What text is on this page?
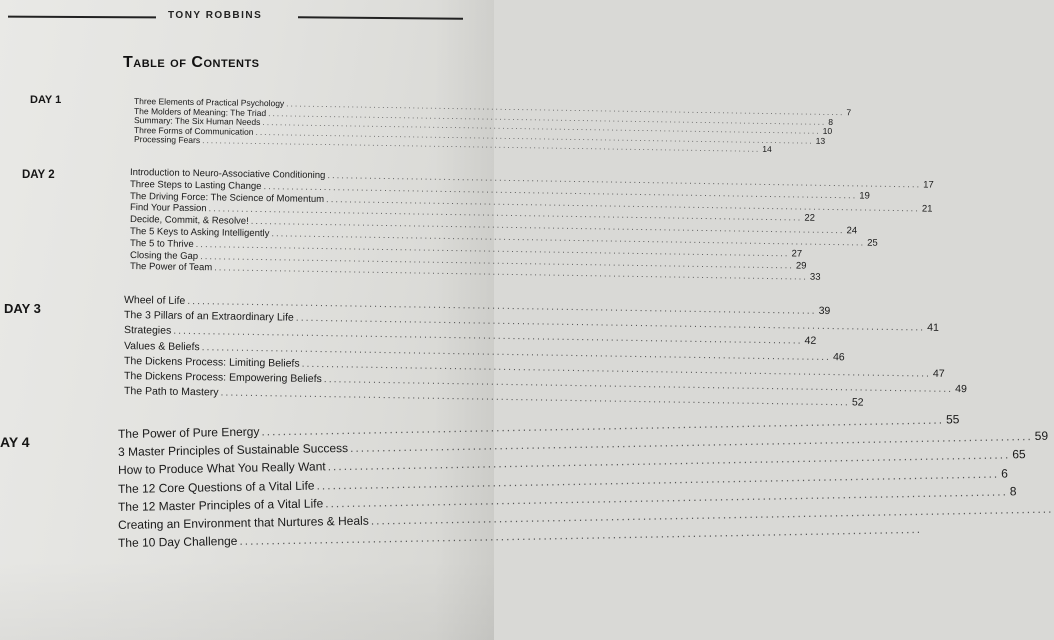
TONY ROBBINS
Table of Contents
DAY 1
DAY 2
DAY 3
AY 4
Three Elements of Practical Psychology
.....
7
The Molders of Meaning: The Triad
.....
8
Summary: The Six Human Needs
.....
10
Three Forms of Communication
.....
13
Processing Fears
.....
14
Introduction to Neuro-Associative Conditioning
.....
17
Three Steps to Lasting Change
.....
19
The Driving Force: The Science of Momentum
.....
21
Find Your Passion
.....
22
Decide, Commit, & Resolve!
.....
24
The 5 Keys to Asking Intelligently
.....
25
The 5 to Thrive
.....
27
Closing the Gap
.....
29
The Power of Team
.....
33
Wheel of Life
.....
39
The 3 Pillars of an Extraordinary Life
.....
41
Strategies
.....
42
Values & Beliefs
.....
46
The Dickens Process: Limiting Beliefs
.....
47
The Dickens Process: Empowering Beliefs
.....
49
The Path to Mastery
.....
52
The Power of Pure Energy
.....
55
3 Master Principles of Sustainable Success
.....
59
How to Produce What You Really Want
.....
65
The 12 Core Questions of a Vital Life
.....
6
The 12 Master Principles of a Vital Life
.....
8
Creating an Environment that Nurtures & Heals
.....
The 10 Day Challenge
.....
